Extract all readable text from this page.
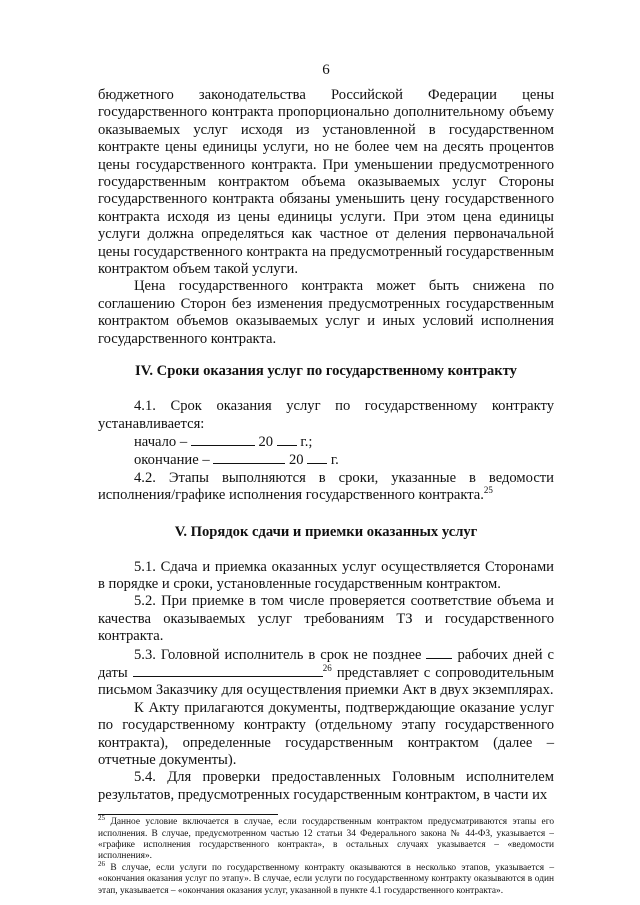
6

бюджетного законодательства Российской Федерации цены государственного контракта пропорционально дополнительному объему оказываемых услуг исходя из установленной в государственном контракте цены единицы услуги, но не более чем на десять процентов цены государственного контракта. При уменьшении предусмотренного государственным контрактом объема оказываемых услуг Стороны государственного контракта обязаны уменьшить цену государственного контракта исходя из цены единицы услуги. При этом цена единицы услуги должна определяться как частное от деления первоначальной цены государственного контракта на предусмотренный государственным контрактом объем такой услуги.

Цена государственного контракта может быть снижена по соглашению Сторон без изменения предусмотренных государственным контрактом объемов оказываемых услуг и иных условий исполнения государственного контракта.

IV. Сроки оказания услуг по государственному контракту

4.1. Срок оказания услуг по государственному контракту устанавливается:

начало –	20 г.;

окончание –	20 г.

4.2. Этапы выполняются в сроки, указанные в ведомости исполнения/графике исполнения государственного контракта.$^{25}$

V. Порядок сдачи и приемки оказанных услуг

5.1. Сдача и приемка оказанных услуг осуществляется Сторонами в порядке и сроки, установленные государственным контрактом.

5.2. При приемке в том числе проверяется соответствие объема и качества оказываемых услуг требованиям ТЗ и государственного контракта.

5.3. Головной исполнитель в срок не позднее рабочих дней с даты	$^{26}$ представляет с сопроводительным письмом Заказчику для осуществления приемки Акт в двух экземплярах.

К Акту прилагаются документы, подтверждающие оказание услуг по государственному контракту (отдельному этапу государственного контракта), определенные государственным контрактом (далее – отчетные документы).

5.4. Для проверки предоставленных Головным исполнителем результатов, предусмотренных государственным контрактом, в части их

$^{25}$ Данное условие включается в случае, если государственным контрактом предусматриваются этапы его исполнения. В случае, предусмотренном частью 12 статьи 34 Федерального закона № 44-ФЗ, указывается – «графике исполнения государственного контракта», в остальных случаях указывается – «ведомости исполнения».

$^{26}$ В случае, если услуги по государственному контракту оказываются в несколько этапов, указывается – «окончания оказания услуг по этапу». В случае, если услуги по государственному контракту оказываются в один этап, указывается – «окончания оказания услуг, указанной в пункте 4.1 государственного контракта».
